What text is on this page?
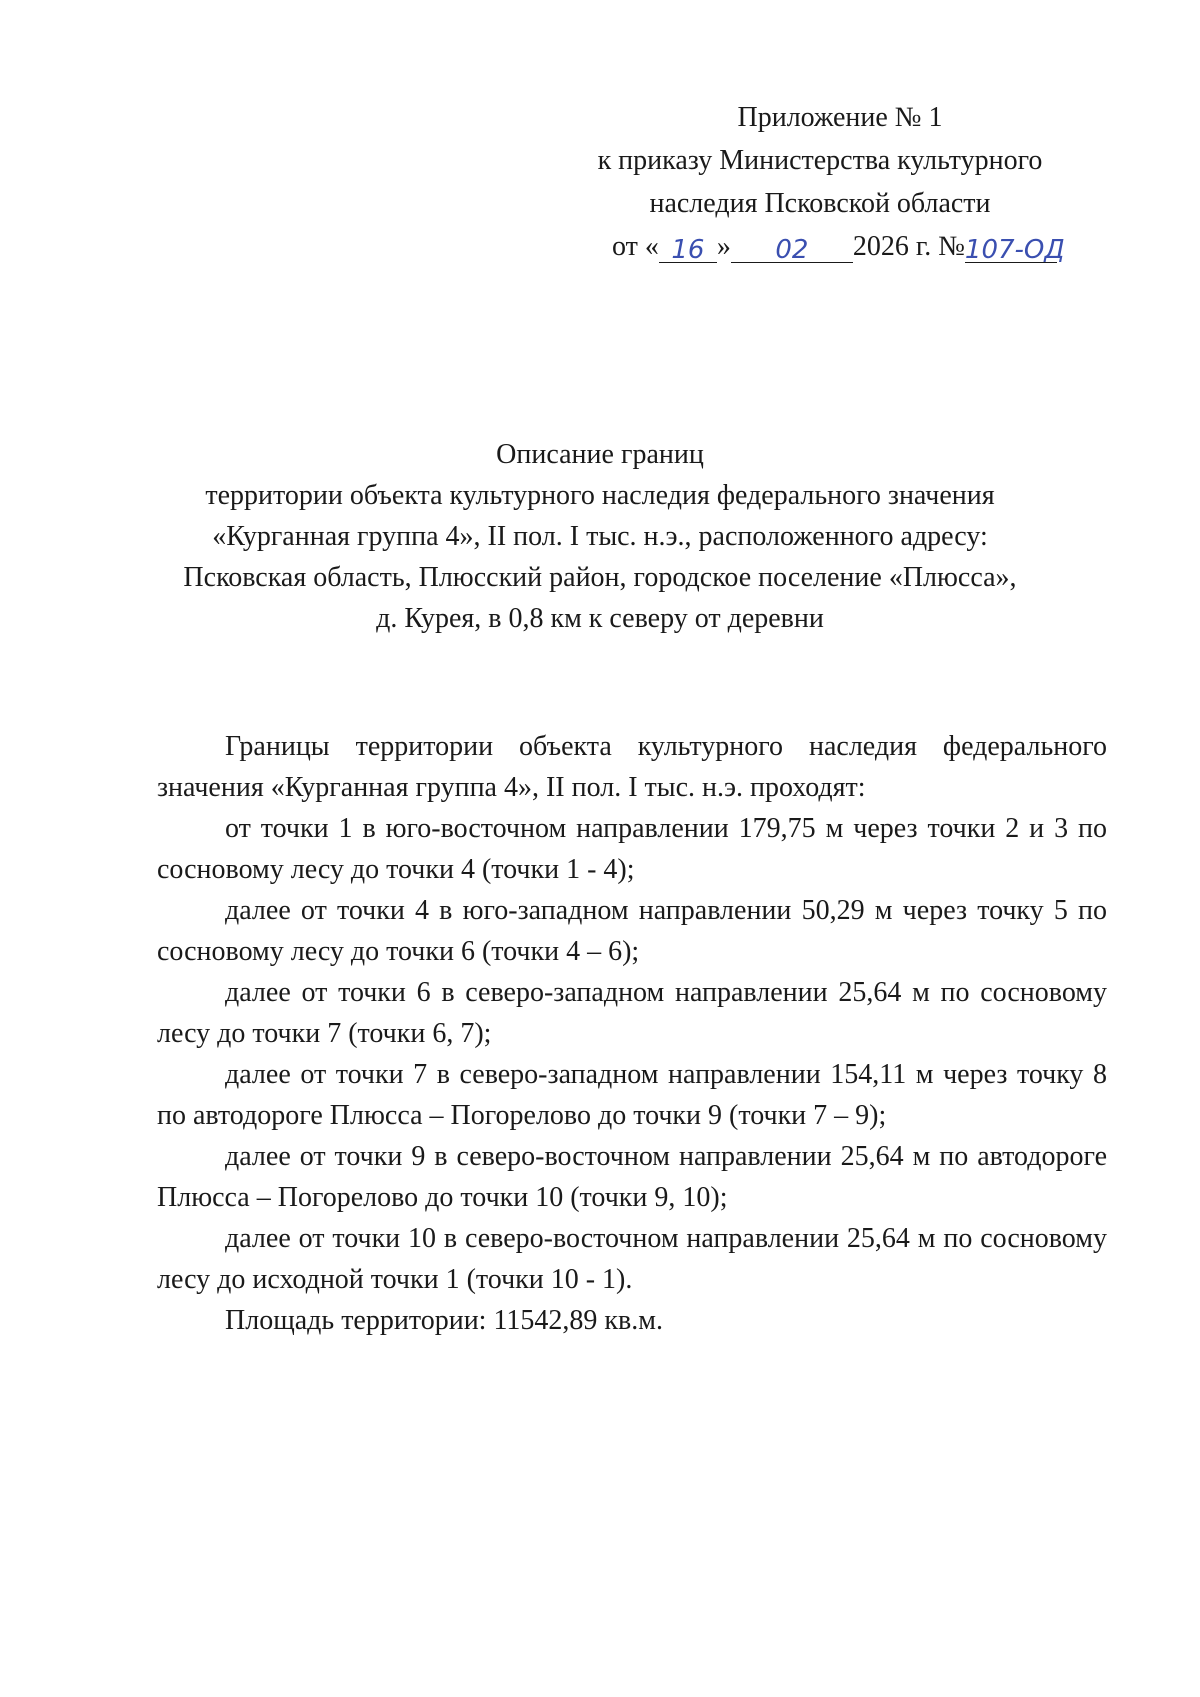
Приложение № 1
к приказу Министерства культурного
наследия Псковской области
от « 16 » 02 2026 г. №107-ОД
Описание границ
территории объекта культурного наследия федерального значения
«Курганная группа 4», II пол. I тыс. н.э., расположенного адресу:
Псковская область, Плюсский район, городское поселение «Плюсса»,
д. Курея, в 0,8 км к северу от деревни

Границы территории объекта культурного наследия федерального значения «Курганная группа 4», II пол. I тыс. н.э. проходят:

от точки 1 в юго-восточном направлении 179,75 м через точки 2 и 3 по сосновому лесу до точки 4 (точки 1 - 4);

далее от точки 4 в юго-западном направлении 50,29 м через точку 5 по сосновому лесу до точки 6 (точки 4 – 6);

далее от точки 6 в северо-западном направлении 25,64 м по сосновому лесу до точки 7 (точки 6, 7);

далее от точки 7 в северо-западном направлении 154,11 м через точку 8 по автодороге Плюсса – Погорелово до точки 9 (точки 7 – 9);

далее от точки 9 в северо-восточном направлении 25,64 м по автодороге Плюсса – Погорелово до точки 10 (точки 9, 10);

далее от точки 10 в северо-восточном направлении 25,64 м по сосновому лесу до исходной точки 1 (точки 10 - 1).

Площадь территории: 11542,89 кв.м.
